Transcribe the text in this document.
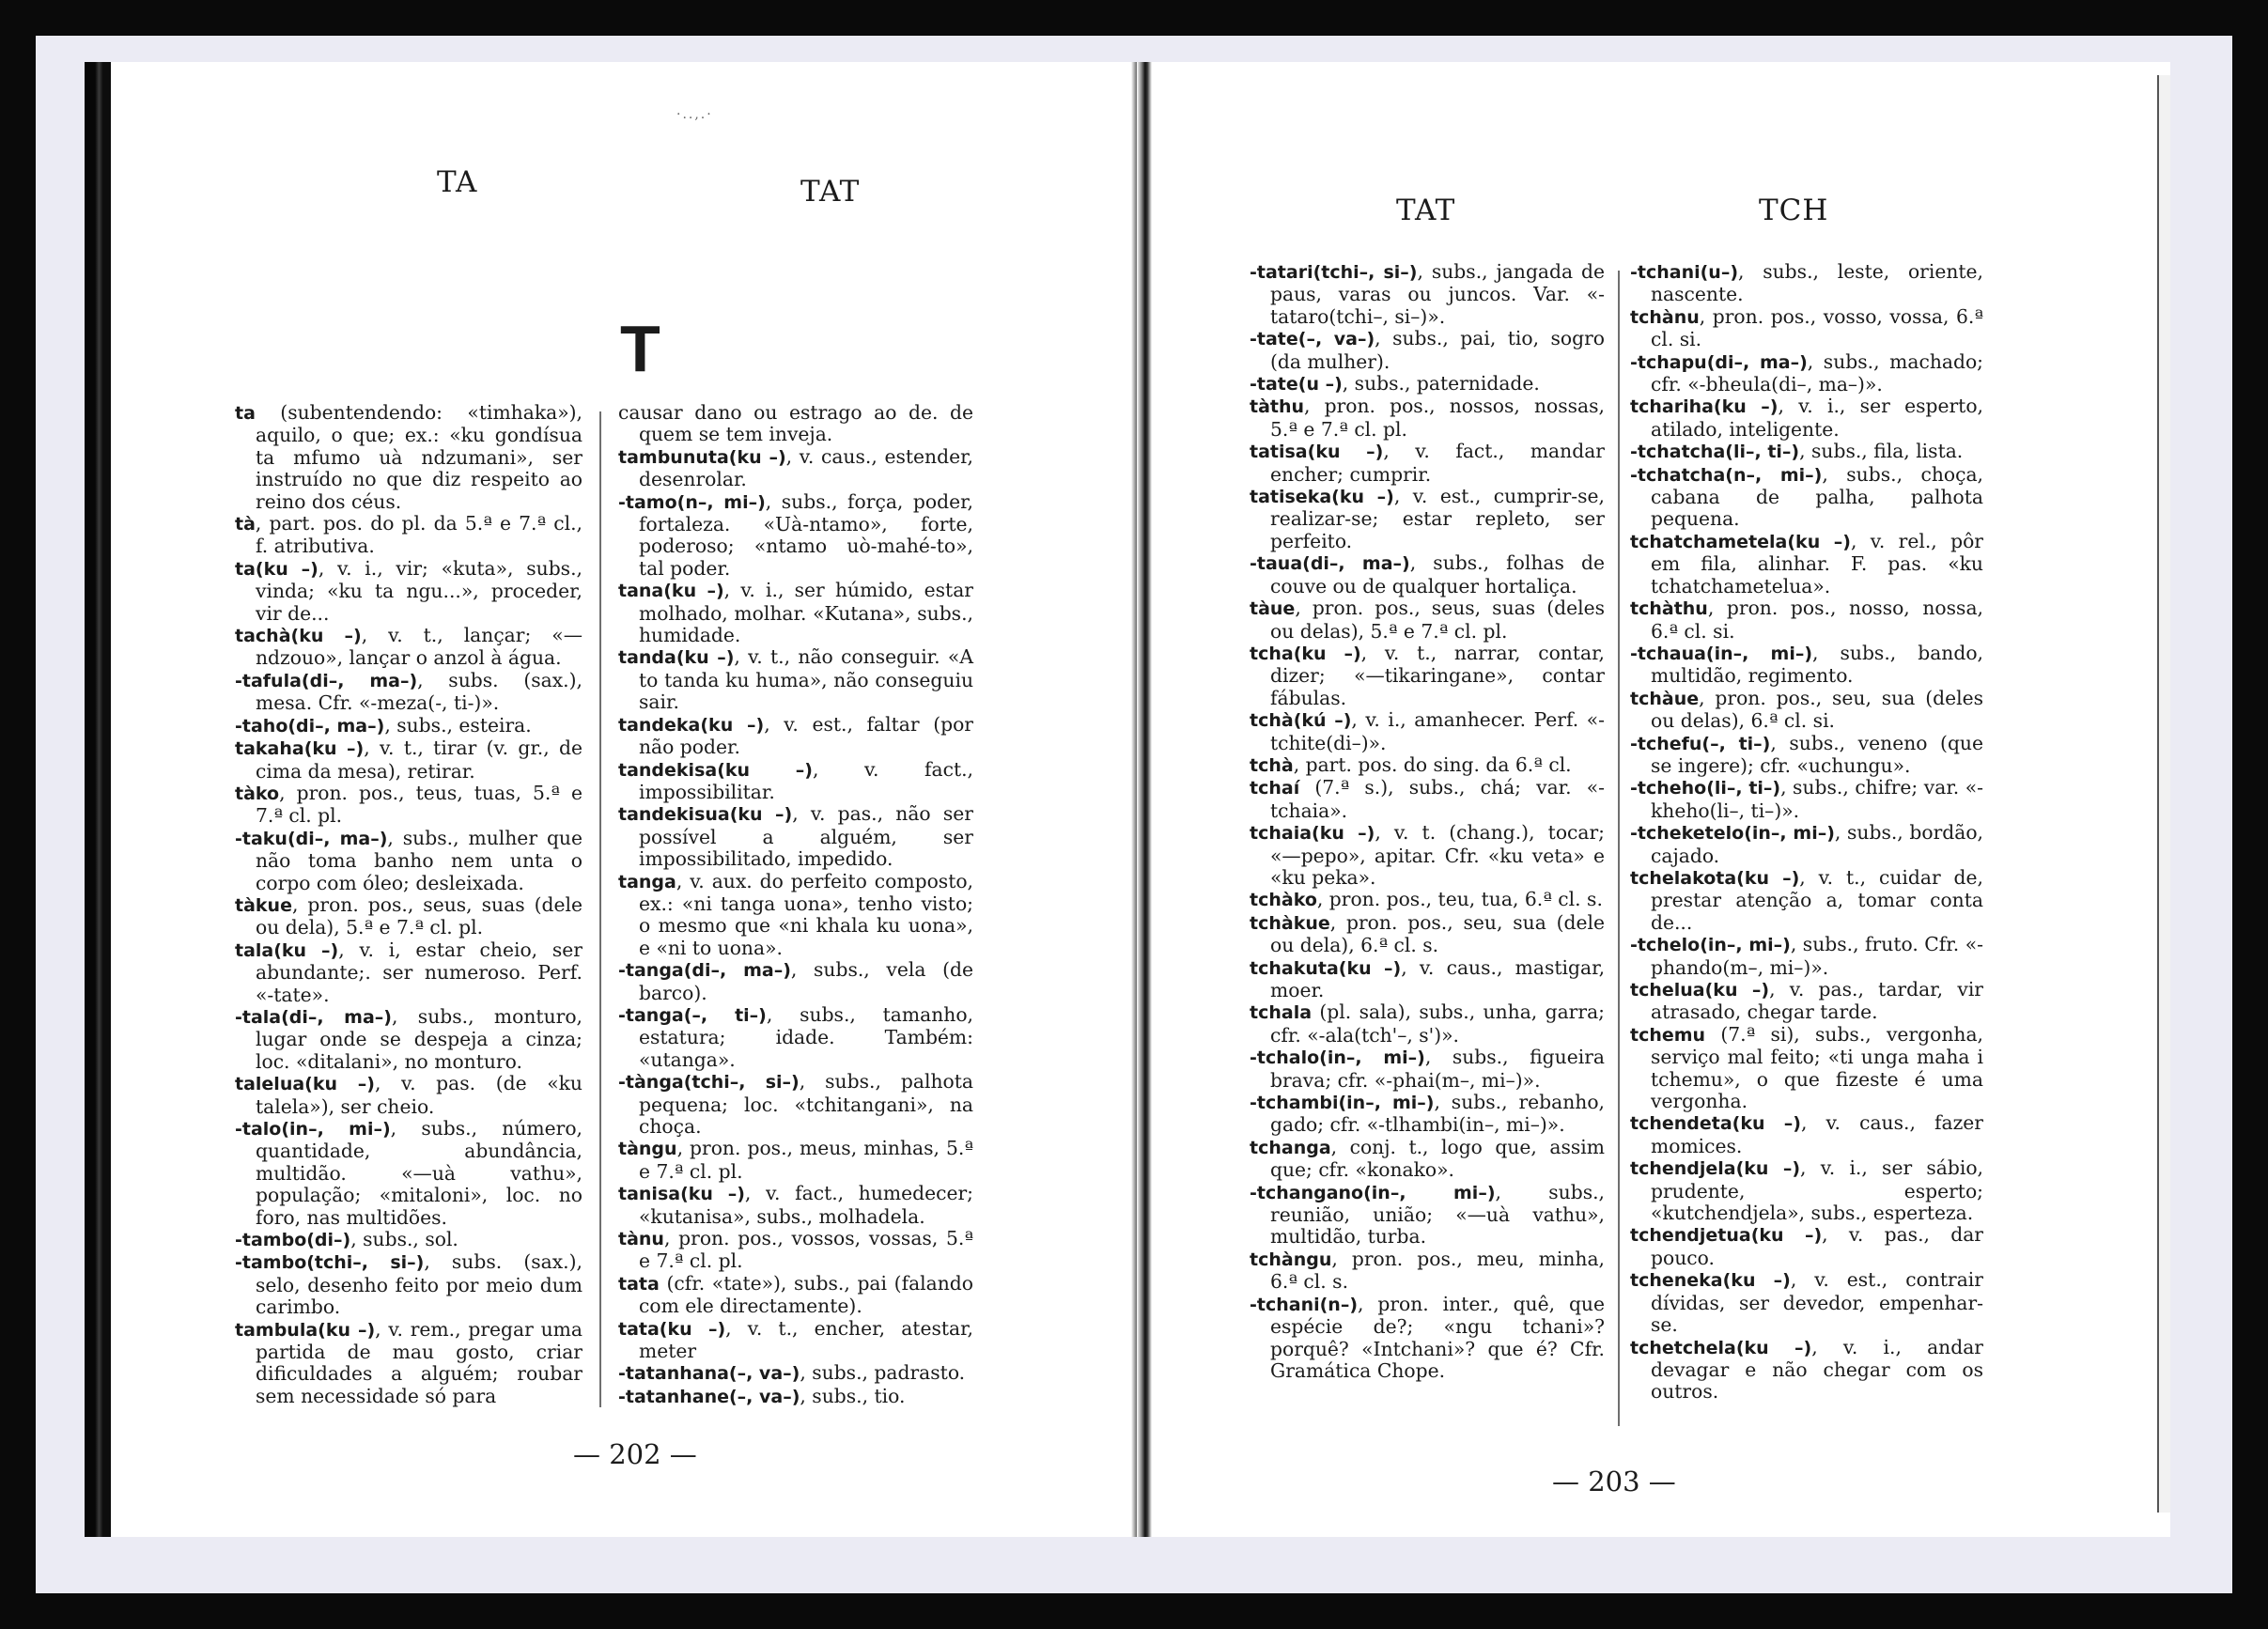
·..,.·
TA	TAT
T

ta (subentendendo: «timhaka»), aquilo, o que; ex.: «ku gondísua ta mfumo uà ndzumani», ser instruído no que diz respeito ao reino dos céus.

tà, part. pos. do pl. da 5.ª e 7.ª cl., f. atributiva.

ta(ku –), v. i., vir; «kuta», subs., vinda; «ku ta ngu...», proceder, vir de...

tachà(ku –), v. t., lançar; «—ndzouo», lançar o anzol à água.

-tafula(di–, ma–), subs. (sax.), mesa. Cfr. «-meza(-, ti-)».

-taho(di–, ma–), subs., esteira.

takaha(ku –), v. t., tirar (v. gr., de cima da mesa), retirar.

tàko, pron. pos., teus, tuas, 5.ª e 7.ª cl. pl.

-taku(di–, ma–), subs., mulher que não toma banho nem unta o corpo com óleo; desleixada.

tàkue, pron. pos., seus, suas (dele ou dela), 5.ª e 7.ª cl. pl.

tala(ku –), v. i, estar cheio, ser abundante;. ser numeroso. Perf. «-tate».

-tala(di–, ma–), subs., monturo, lugar onde se despeja a cinza; loc. «ditalani», no monturo.

talelua(ku –), v. pas. (de «ku talela»), ser cheio.

-talo(in–, mi–), subs., número, quantidade, abundância, multidão. «—uà vathu», população; «mitaloni», loc. no foro, nas multidões.

-tambo(di–), subs., sol.

-tambo(tchi–, si–), subs. (sax.), selo, desenho feito por meio dum carimbo.

tambula(ku –), v. rem., pregar uma partida de mau gosto, criar dificuldades a alguém; roubar sem necessidade só para

causar dano ou estrago ao de. de quem se tem inveja.

tambunuta(ku –), v. caus., estender, desenrolar.

-tamo(n–, mi–), subs., força, poder, fortaleza. «Uà-ntamo», forte, poderoso; «ntamo uò-mahé-to», tal poder.

tana(ku –), v. i., ser húmido, estar molhado, molhar. «Kutana», subs., humidade.

tanda(ku –), v. t., não conseguir. «A to tanda ku huma», não conseguiu sair.

tandeka(ku –), v. est., faltar (por não poder.

tandekisa(ku –), v. fact., impossibilitar.

tandekisua(ku –), v. pas., não ser possível a alguém, ser impossibilitado, impedido.

tanga, v. aux. do perfeito composto, ex.: «ni tanga uona», tenho visto; o mesmo que «ni khala ku uona», e «ni to uona».

-tanga(di–, ma–), subs., vela (de barco).

-tanga(–, ti–), subs., tamanho, estatura; idade. Também: «utanga».

-tànga(tchi–, si–), subs., palhota pequena; loc. «tchitangani», na choça.

tàngu, pron. pos., meus, minhas, 5.ª e 7.ª cl. pl.

tanisa(ku –), v. fact., humedecer; «kutanisa», subs., molhadela.

tànu, pron. pos., vossos, vossas, 5.ª e 7.ª cl. pl.

tata (cfr. «tate»), subs., pai (falando com ele directamente).

tata(ku –), v. t., encher, atestar, meter

-tatanhana(–, va–), subs., padrasto.

-tatanhane(–, va–), subs., tio.

— 202 —
TAT	TCH

-tatari(tchi–, si–), subs., jangada de paus, varas ou juncos. Var. «-tataro(tchi–, si–)».

-tate(–, va–), subs., pai, tio, sogro (da mulher).

-tate(u –), subs., paternidade.

tàthu, pron. pos., nossos, nossas, 5.ª e 7.ª cl. pl.

tatisa(ku –), v. fact., mandar encher; cumprir.

tatiseka(ku –), v. est., cumprir-se, realizar-se; estar repleto, ser perfeito.

-taua(di–, ma–), subs., folhas de couve ou de qualquer hortaliça.

tàue, pron. pos., seus, suas (deles ou delas), 5.ª e 7.ª cl. pl.

tcha(ku –), v. t., narrar, contar, dizer; «—tikaringane», contar fábulas.

tchà(kú –), v. i., amanhecer. Perf. «-tchite(di–)».

tchà, part. pos. do sing. da 6.ª cl.

tchaí (7.ª s.), subs., chá; var. «-tchaia».

tchaia(ku –), v. t. (chang.), tocar; «—pepo», apitar. Cfr. «ku veta» e «ku peka».

tchàko, pron. pos., teu, tua, 6.ª cl. s.

tchàkue, pron. pos., seu, sua (dele ou dela), 6.ª cl. s.

tchakuta(ku –), v. caus., mastigar, moer.

tchala (pl. sala), subs., unha, garra; cfr. «-ala(tch'–, s')».

-tchalo(in–, mi–), subs., figueira brava; cfr. «-phai(m–, mi–)».

-tchambi(in–, mi–), subs., rebanho, gado; cfr. «-tlhambi(in–, mi–)».

tchanga, conj. t., logo que, assim que; cfr. «konako».

-tchangano(in–, mi–), subs., reunião, união; «—uà vathu», multidão, turba.

tchàngu, pron. pos., meu, minha, 6.ª cl. s.

-tchani(n–), pron. inter., quê, que espécie de?; «ngu tchani»? porquê? «Intchani»? que é? Cfr. Gramática Chope.

-tchani(u–), subs., leste, oriente, nascente.

tchànu, pron. pos., vosso, vossa, 6.ª cl. si.

-tchapu(di–, ma–), subs., machado; cfr. «-bheula(di–, ma–)».

tchariha(ku –), v. i., ser esperto, atilado, inteligente.

-tchatcha(li–, ti–), subs., fila, lista.

-tchatcha(n–, mi–), subs., choça, cabana de palha, palhota pequena.

tchatchametela(ku –), v. rel., pôr em fila, alinhar. F. pas. «ku tchatchametelua».

tchàthu, pron. pos., nosso, nossa, 6.ª cl. si.

-tchaua(in–, mi–), subs., bando, multidão, regimento.

tchàue, pron. pos., seu, sua (deles ou delas), 6.ª cl. si.

-tchefu(–, ti–), subs., veneno (que se ingere); cfr. «uchungu».

-tcheho(li–, ti–), subs., chifre; var. «-kheho(li–, ti–)».

-tcheketelo(in–, mi–), subs., bordão, cajado.

tchelakota(ku –), v. t., cuidar de, prestar atenção a, tomar conta de...

-tchelo(in–, mi–), subs., fruto. Cfr. «-phando(m–, mi–)».

tchelua(ku –), v. pas., tardar, vir atrasado, chegar tarde.

tchemu (7.ª si), subs., vergonha, serviço mal feito; «ti unga maha i tchemu», o que fizeste é uma vergonha.

tchendeta(ku –), v. caus., fazer momices.

tchendjela(ku –), v. i., ser sábio, prudente, esperto; «kutchendjela», subs., esperteza.

tchendjetua(ku –), v. pas., dar pouco.

tcheneka(ku –), v. est., contrair dívidas, ser devedor, empenhar-se.

tchetchela(ku –), v. i., andar devagar e não chegar com os outros.

— 203 —
